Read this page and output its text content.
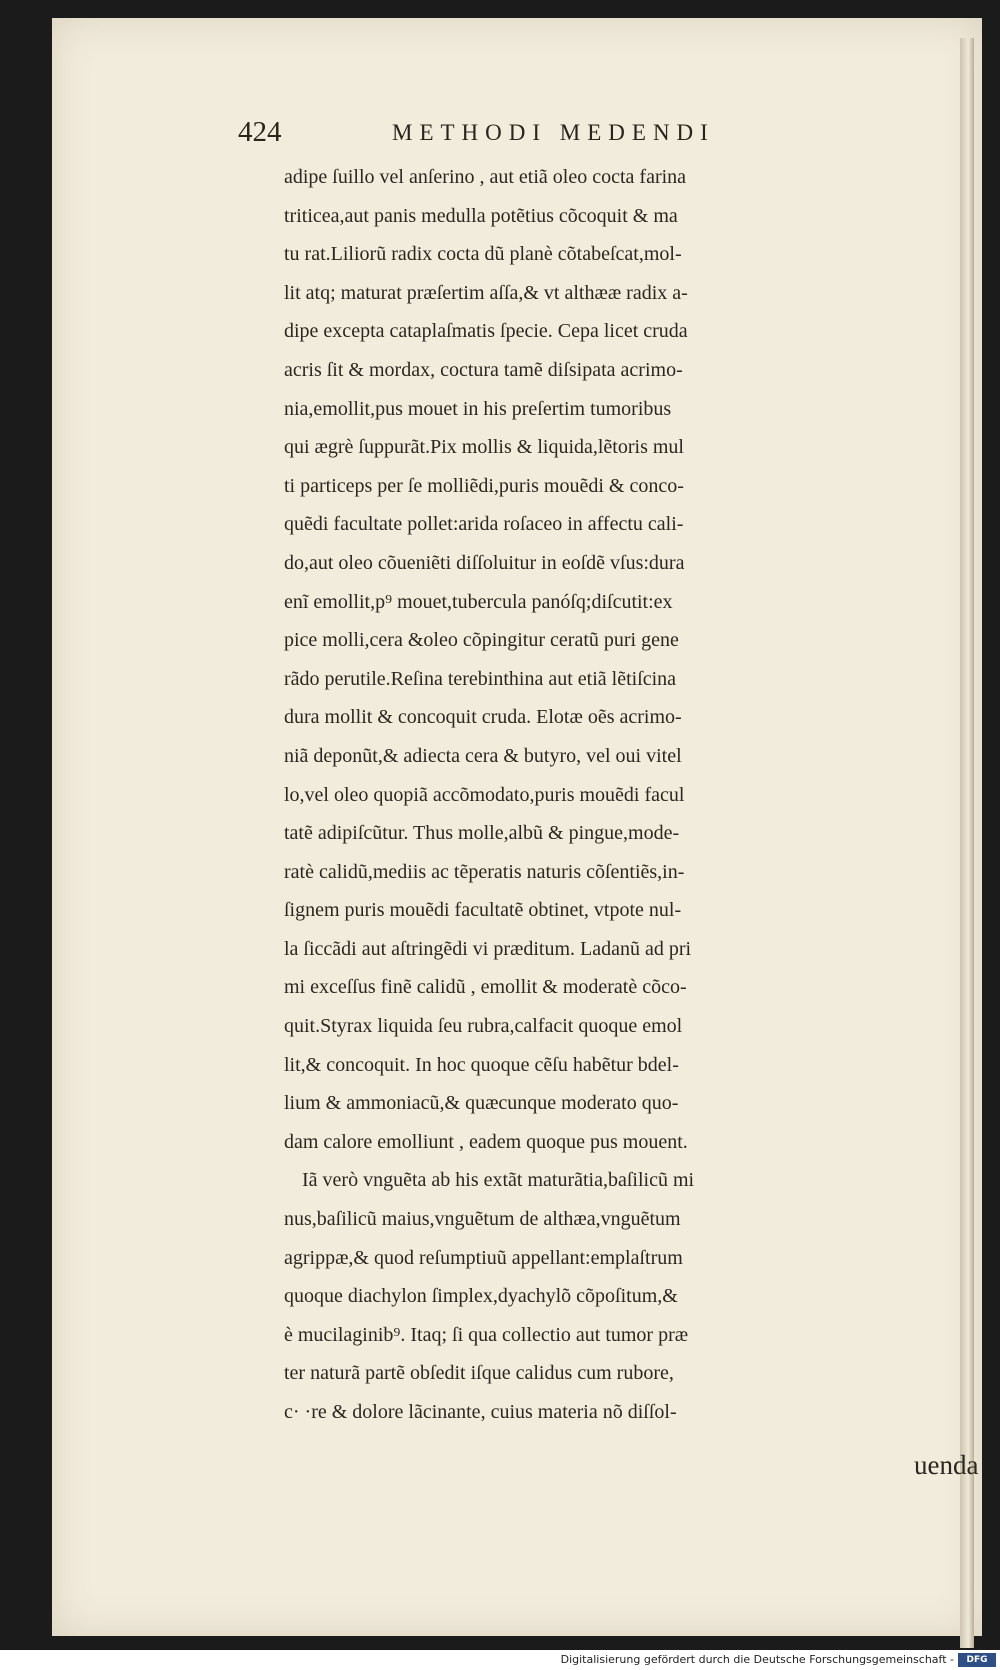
424	METHODI MEDENDI
adipe ſuillo vel anſerino , aut etiã oleo cocta farina
triticea,aut panis medulla potẽtius cõcoquit & ma
tu rat.Liliorũ radix cocta dũ planè cõtabeſcat,mol-
lit atq; maturat præſertim aſſa,& vt althææ radix a-
dipe excepta cataplaſmatis ſpecie. Cepa licet cruda
acris ſit & mordax, coctura tamẽ diſsipata acrimo-
nia,emollit,pus mouet in his preſertim tumoribus
qui ægrè ſuppurãt.Pix mollis & liquida,lẽtoris mul
ti particeps per ſe molliẽdi,puris mouẽdi & conco-
quẽdi facultate pollet:arida roſaceo in affectu cali-
do,aut oleo cõueniẽti diſſoluitur in eoſdẽ vſus:dura
enĩ emollit,p⁹ mouet,tubercula panóſq;diſcutit:ex
pice molli,cera &oleo cõpingitur ceratũ puri gene
rãdo perutile.Reſina terebinthina aut etiã lẽtiſcina
dura mollit & concoquit cruda. Elotæ oẽs acrimo-
niã deponũt,& adiecta cera & butyro, vel oui vitel
lo,vel oleo quopiã accõmodato,puris mouẽdi facul
tatẽ adipiſcũtur. Thus molle,albũ & pingue,mode-
ratè calidũ,mediis ac tẽperatis naturis cõſentiẽs,in-
ſignem puris mouẽdi facultatẽ obtinet, vtpote nul-
la ſiccãdi aut aſtringẽdi vi præditum. Ladanũ ad pri
mi exceſſus finẽ calidũ , emollit & moderatè cõco-
quit.Styrax liquida ſeu rubra,calfacit quoque emol
lit,& concoquit. In hoc quoque cẽſu habẽtur bdel-
lium & ammoniacũ,& quæcunque moderato quo-
dam calore emolliunt , eadem quoque pus mouent.
Iã verò vnguẽta ab his extãt maturãtia,baſilicũ mi
nus,baſilicũ maius,vnguẽtum de althæa,vnguẽtum
agrippæ,& quod reſumptiuũ appellant:emplaſtrum
quoque diachylon ſimplex,dyachylõ cõpoſitum,&
è mucilaginib⁹. Itaq; ſi qua collectio aut tumor præ
ter naturã partẽ obſedit iſque calidus cum rubore,
c· ·re & dolore lãcinante, cuius materia nõ diſſol-
uenda
Digitalisierung gefördert durch die Deutsche Forschungsgemeinschaft -	DFG
